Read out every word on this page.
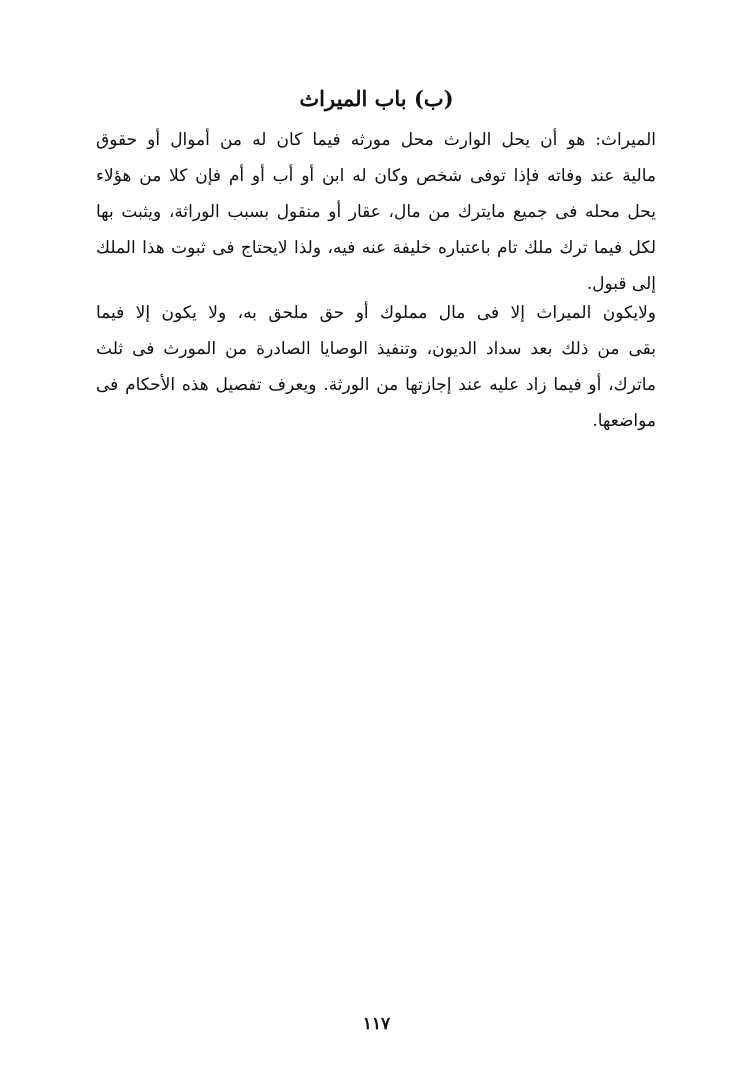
(ب) باب الميراث
الميراث: هو أن يحل الوارث محل مورثه فيما كان له من أموال أو حقوق
مالية عند وفاته فإذا توفى شخص وكان له ابن أو أب أو أم فإن كلا من هؤلاء
يحل محله فى جميع مايترك من مال، عقار أو منقول بسبب الوراثة، ويثبت بها
لكل فيما ترك ملك تام باعتباره خليفة عنه فيه، ولذا لايحتاج فى ثبوت هذا الملك
إلى قبول.
ولايكون الميراث إلا فى مال مملوك أو حق ملحق به، ولا يكون إلا فيما
بقى من ذلك بعد سداد الديون، وتنفيذ الوصايا الصادرة من المورث فى ثلث
ماترك، أو فيما زاد عليه عند إجازتها من الورثة. ويعرف تفصيل هذه الأحكام فى
مواضعها.
١١٧
